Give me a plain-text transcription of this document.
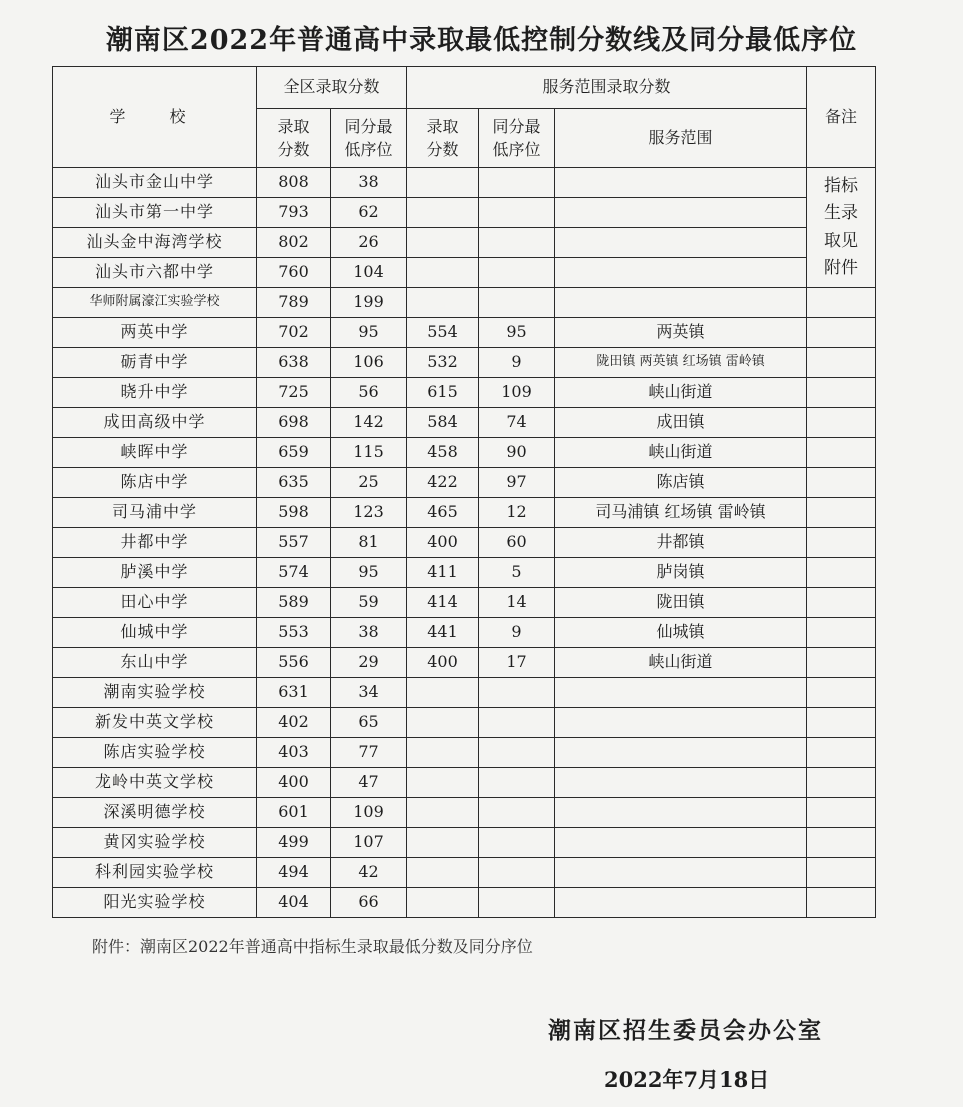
潮南区2022年普通高中录取最低控制分数线及同分最低序位
学　校	全区录取分数		服务范围录取分数			备注
	录取分数	同分最低序位	录取分数	同分最低序位	服务范围	
汕头市金山中学	808	38				指标生录取见附件
汕头市第一中学	793	62				
汕头金中海湾学校	802	26				
汕头市六都中学	760	104				
华师附属濠江实验学校	789	199				
两英中学	702	95	554	95	两英镇	
砺青中学	638	106	532	9	陇田镇 两英镇 红场镇 雷岭镇	
晓升中学	725	56	615	109	峡山街道	
成田高级中学	698	142	584	74	成田镇	
峡晖中学	659	115	458	90	峡山街道	
陈店中学	635	25	422	97	陈店镇	
司马浦中学	598	123	465	12	司马浦镇 红场镇 雷岭镇	
井都中学	557	81	400	60	井都镇	
胪溪中学	574	95	411	5	胪岗镇	
田心中学	589	59	414	14	陇田镇	
仙城中学	553	38	441	9	仙城镇	
东山中学	556	29	400	17	峡山街道	
潮南实验学校	631	34				
新发中英文学校	402	65				
陈店实验学校	403	77				
龙岭中英文学校	400	47				
深溪明德学校	601	109				
黄冈实验学校	499	107				
科利园实验学校	494	42				
阳光实验学校	404	66				

附件：潮南区2022年普通高中指标生录取最低分数及同分序位

潮南区招生委员会办公室

2022年7月18日
